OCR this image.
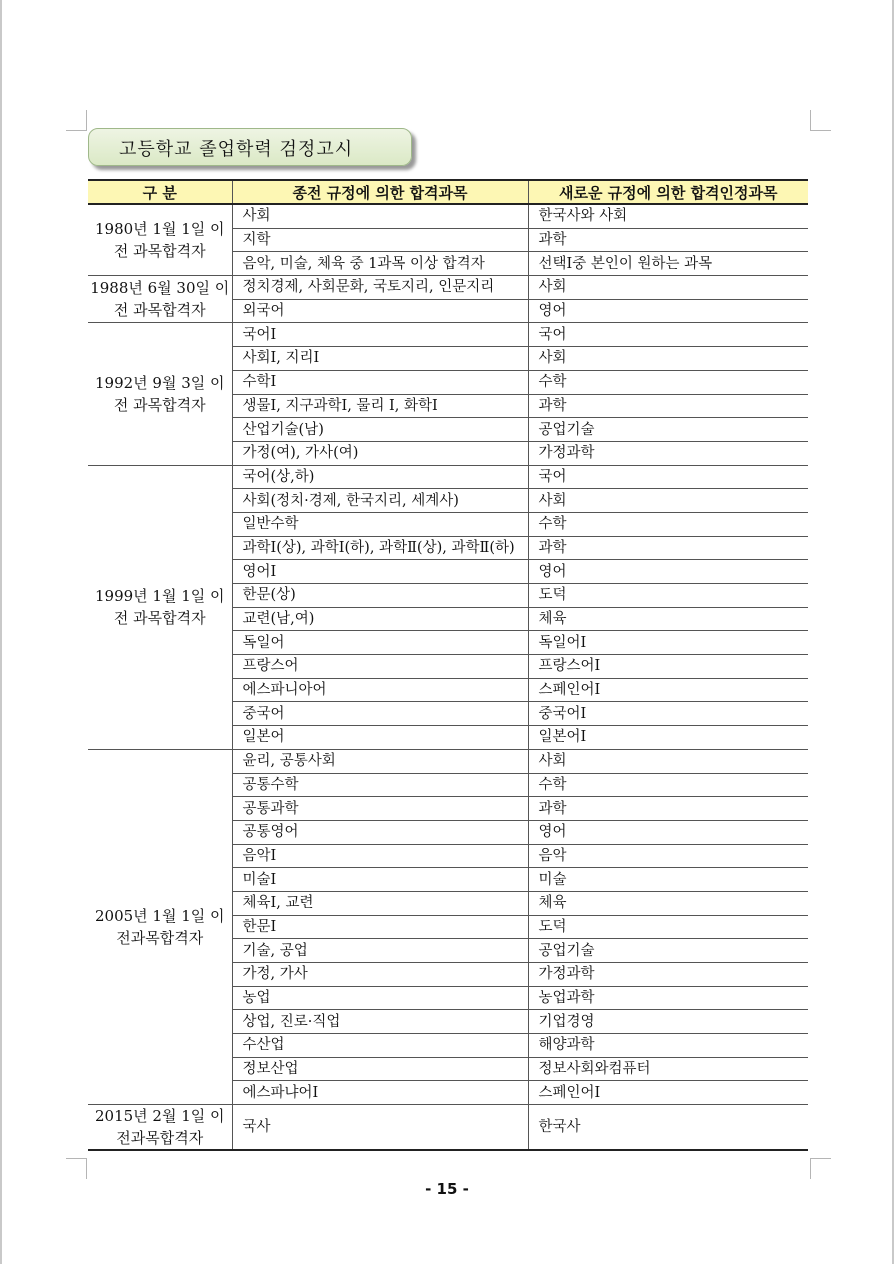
고등학교 졸업학력 검정고시
구 분	종전 규정에 의한 합격과목	새로운 규정에 의한 합격인정과목
1980년 1월 1일 이전 과목합격자	사회	한국사와 사회
	지학	과학
	음악, 미술, 체육 중 1과목 이상 합격자	선택Ⅰ중 본인이 원하는 과목
1988년 6월 30일 이전 과목합격자	정치경제, 사회문화, 국토지리, 인문지리	사회
	외국어	영어
1992년 9월 3일 이전 과목합격자	국어Ⅰ	국어
	사회Ⅰ, 지리Ⅰ	사회
	수학Ⅰ	수학
	생물Ⅰ, 지구과학Ⅰ, 물리 Ⅰ, 화학Ⅰ	과학
	산업기술(남)	공업기술
	가정(여), 가사(여)	가정과학
1999년 1월 1일 이전 과목합격자	국어(상,하)	국어
	사회(정치·경제, 한국지리, 세계사)	사회
	일반수학	수학
	과학Ⅰ(상), 과학Ⅰ(하), 과학Ⅱ(상), 과학Ⅱ(하)	과학
	영어Ⅰ	영어
	한문(상)	도덕
	교련(남,여)	체육
	독일어	독일어Ⅰ
	프랑스어	프랑스어Ⅰ
	에스파니아어	스페인어Ⅰ
	중국어	중국어Ⅰ
	일본어	일본어Ⅰ
2005년 1월 1일 이전과목합격자	윤리, 공통사회	사회
	공통수학	수학
	공통과학	과학
	공통영어	영어
	음악Ⅰ	음악
	미술Ⅰ	미술
	체육Ⅰ, 교련	체육
	한문Ⅰ	도덕
	기술, 공업	공업기술
	가정, 가사	가정과학
	농업	농업과학
	상업, 진로·직업	기업경영
	수산업	해양과학
	정보산업	정보사회와컴퓨터
	에스파냐어Ⅰ	스페인어Ⅰ
2015년 2월 1일 이전과목합격자	국사	한국사
- 15 -
